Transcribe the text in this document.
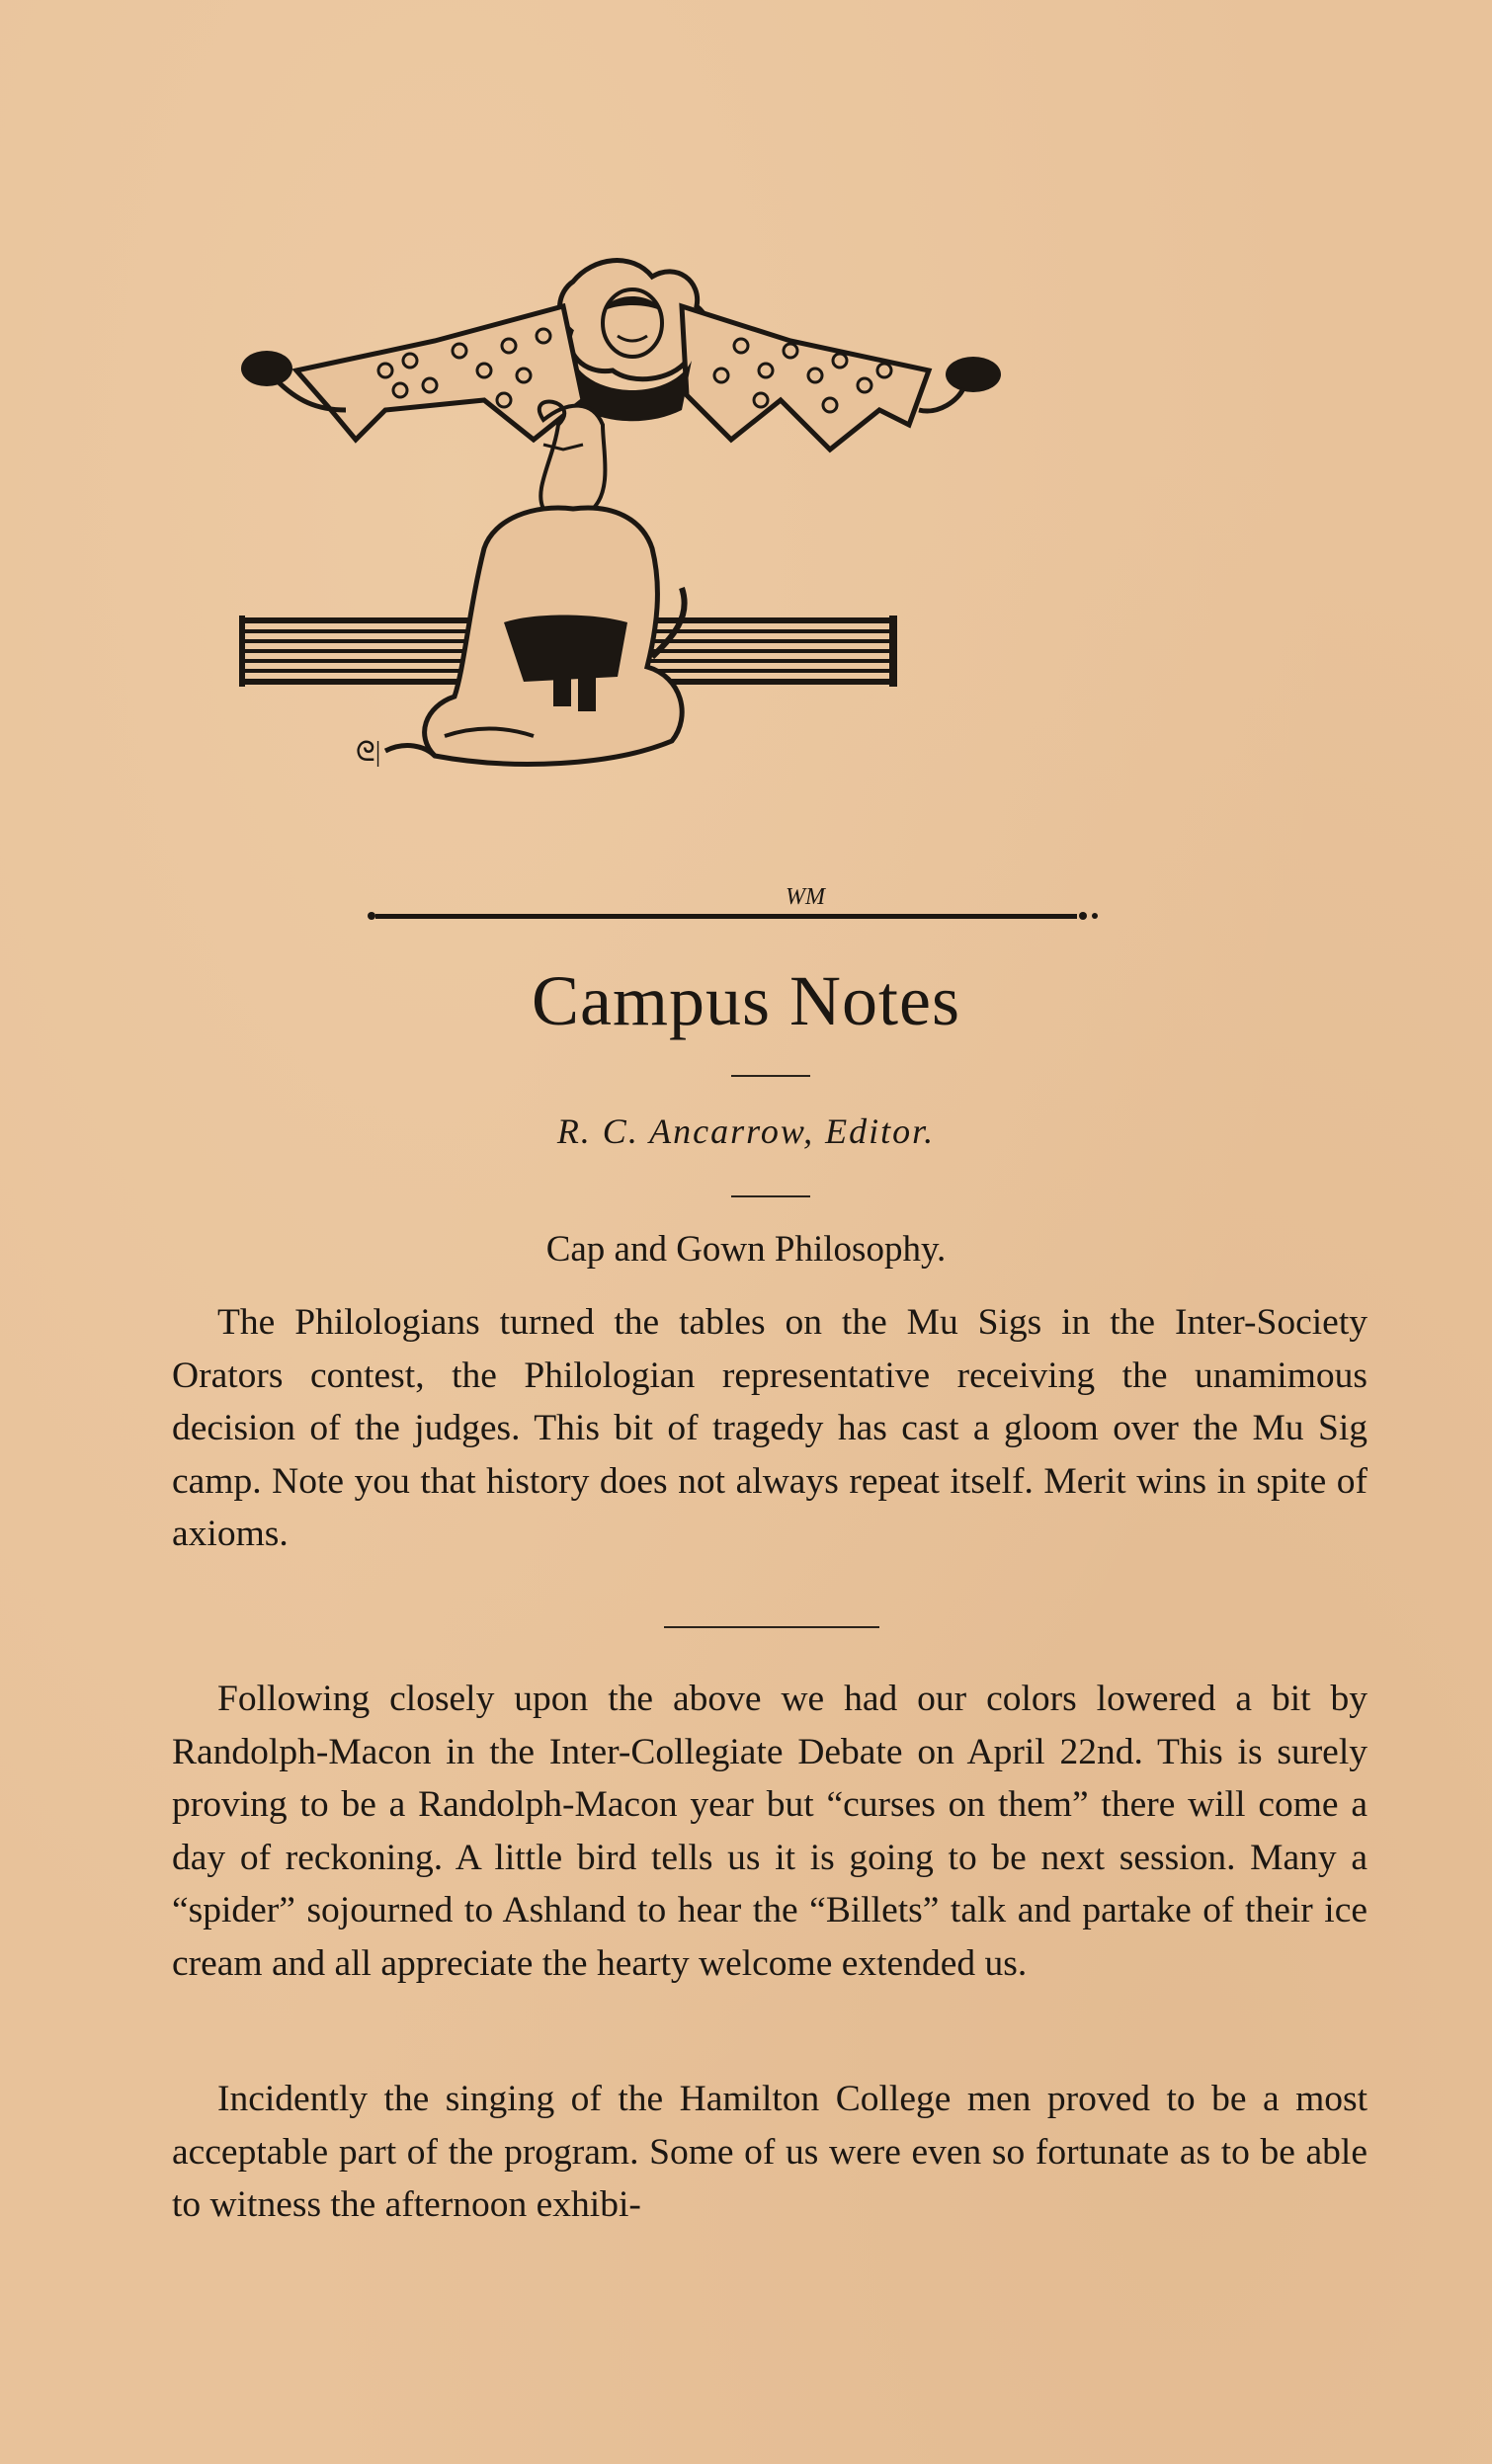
ᘓ|
WM
Campus Notes
R. C. Ancarrow, Editor.
Cap and Gown Philosophy.

The Philologians turned the tables on the Mu Sigs in the Inter-Society Orators contest, the Philologian representative receiving the unamimous decision of the judges. This bit of tragedy has cast a gloom over the Mu Sig camp. Note you that history does not always repeat itself. Merit wins in spite of axioms.

Following closely upon the above we had our colors lowered a bit by Randolph-Macon in the Inter-Collegiate Debate on April 22nd. This is surely proving to be a Randolph-Macon year but “curses on them” there will come a day of reckoning. A little bird tells us it is going to be next session. Many a “spider” sojourned to Ashland to hear the “Billets” talk and partake of their ice cream and all appreciate the hearty welcome extended us.

Incidently the singing of the Hamilton College men proved to be a most acceptable part of the program. Some of us were even so fortunate as to be able to witness the afternoon exhibi-
